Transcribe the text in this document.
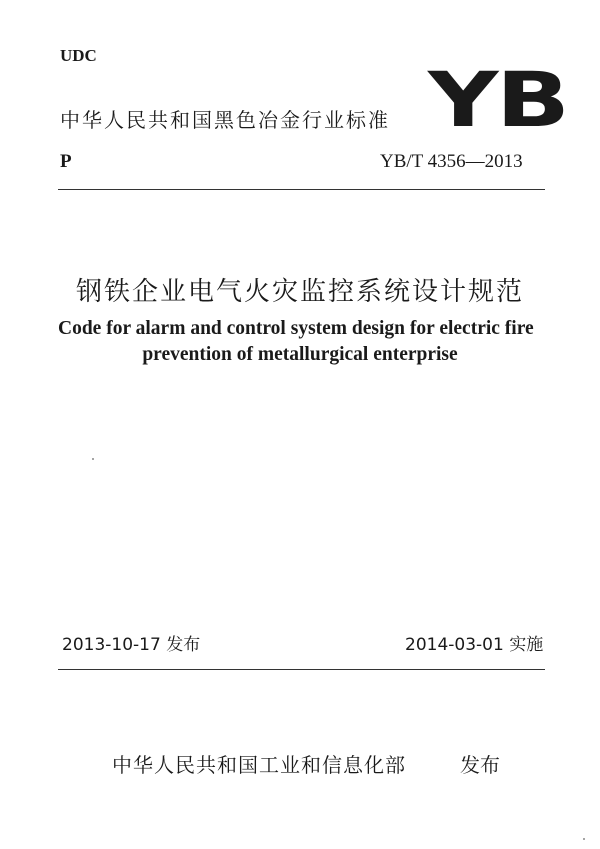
UDC
中华人民共和国黑色冶金行业标准 YB
P	YB/T 4356—2013
钢铁企业电气火灾监控系统设计规范
Code for alarm and control system design for electric fire
prevention of metallurgical enterprise
2013-10-17 发布	2014-03-01 实施
中华人民共和国工业和信息化部	发布
